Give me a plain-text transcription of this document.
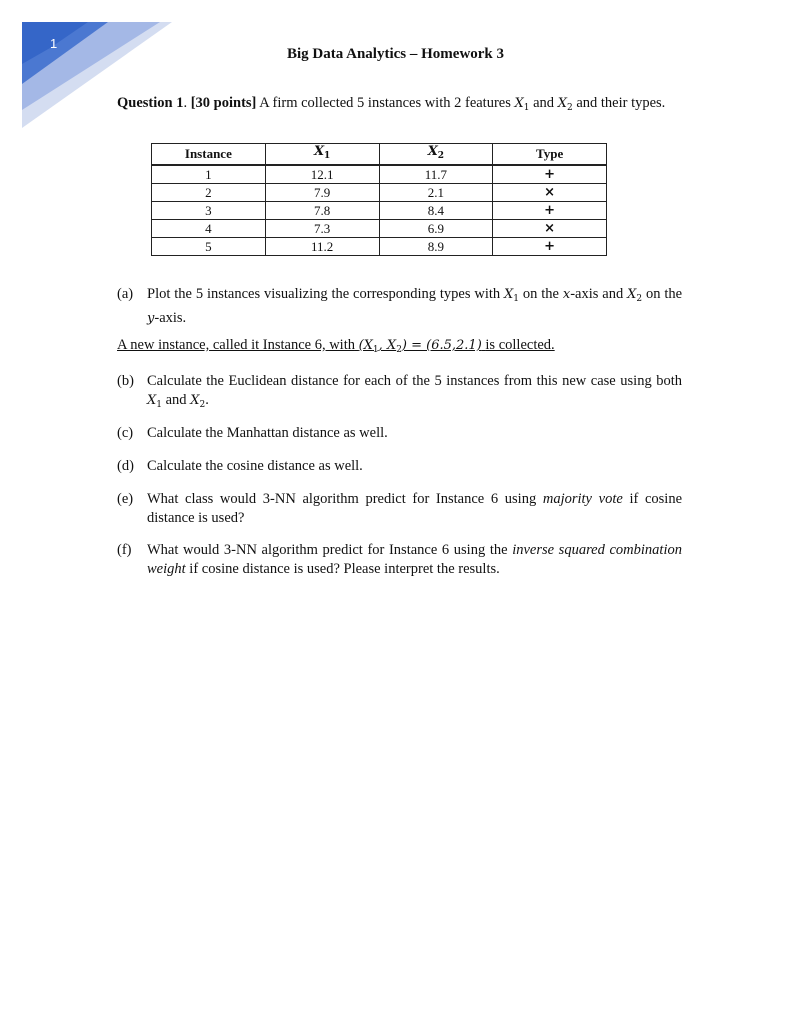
1
Big Data Analytics – Homework 3
Question 1. [30 points] A firm collected 5 instances with 2 features $X_1$ and $X_2$ and their types.
Instance	$X_1$	$X_2$	Type
1	12.1	11.7	+
2	7.9	2.1	×
3	7.8	8.4	+
4	7.3	6.9	×
5	11.2	8.9	+
(a) Plot the 5 instances visualizing the corresponding types with $X_1$ on the x-axis and $X_2$ on the y-axis.
A new instance, called it Instance 6, with ($X_1$, $X_2) = (6.5,2.1)$ is collected.
(b) Calculate the Euclidean distance for each of the 5 instances from this new case using both $X_1$ and $X_2$.
(c) Calculate the Manhattan distance as well.
(d) Calculate the cosine distance as well.
(e) What class would 3-NN algorithm predict for Instance 6 using majority vote if cosine distance is used?
(f) What would 3-NN algorithm predict for Instance 6 using the inverse squared combination weight if cosine distance is used? Please interpret the results.
